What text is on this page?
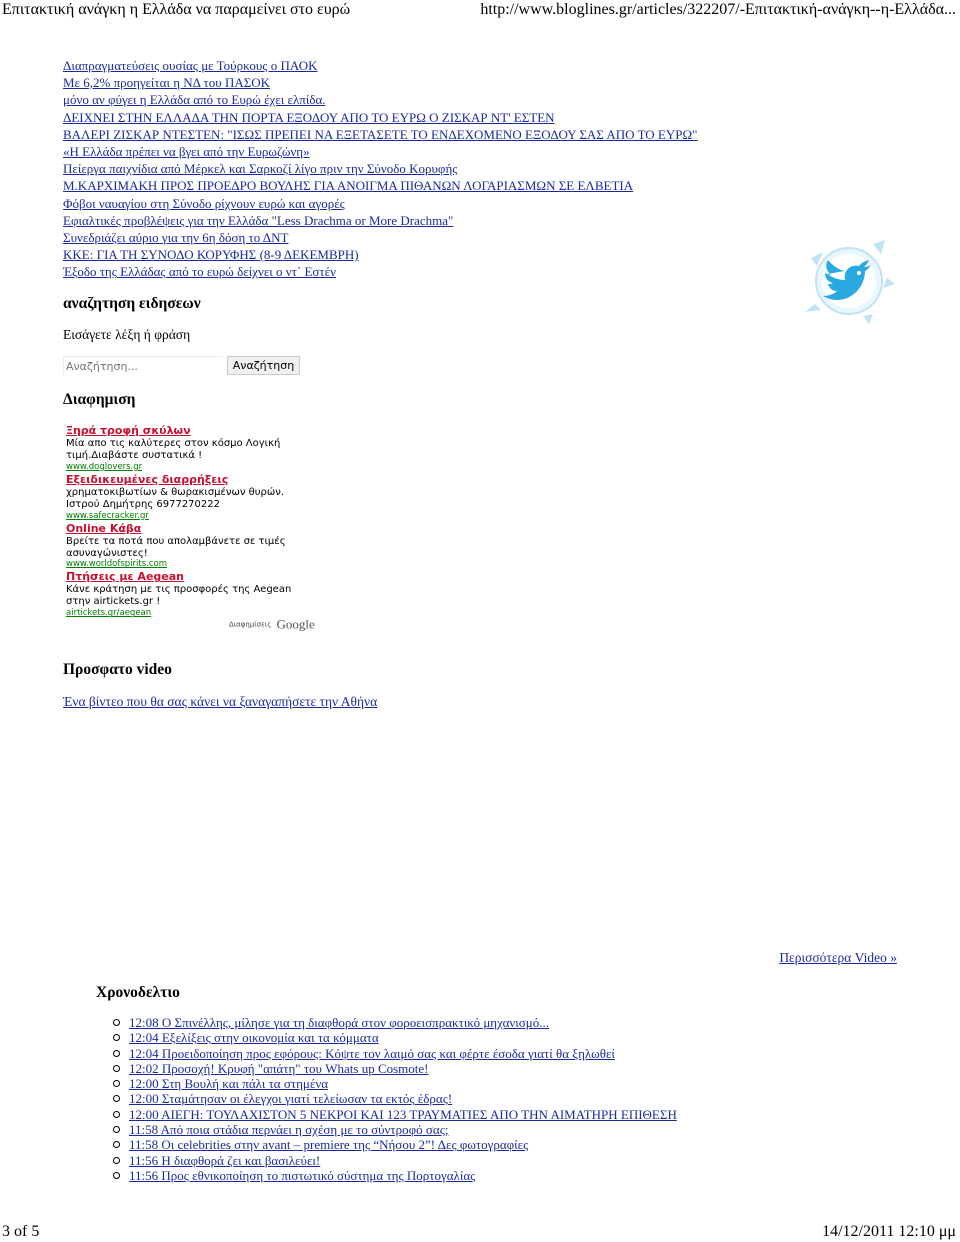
Επιτακτική ανάγκη η Ελλάδα να παραμείνει στο ευρώ	http://www.bloglines.gr/articles/322207/-Επιτακτική-ανάγκη--η-Ελλάδα...
Διαπραγματεύσεις ουσίας με Τούρκους ο ΠΑΟΚ
Με 6,2% προηγείται η ΝΔ του ΠΑΣΟΚ
μόνο αν φύγει η Ελλάδα από το Ευρώ έχει ελπίδα.
ΔΕΙΧΝΕΙ ΣΤΗΝ ΕΛΛΑΔΑ ΤΗΝ ΠΟΡΤΑ ΕΞΟΔΟΥ ΑΠΟ ΤΟ ΕΥΡΩ Ο ΖΙΣΚΑΡ ΝΤ' ΕΣΤΕΝ
ΒΑΛΕΡΙ ΖΙΣΚΑΡ ΝΤΕΣΤΕΝ: "ΙΣΩΣ ΠΡΕΠΕΙ ΝΑ ΕΞΕΤΑΣΕΤΕ ΤΟ ΕΝΔΕΧΟΜΕΝΟ ΕΞΟΔΟΥ ΣΑΣ ΑΠΟ ΤΟ ΕΥΡΩ"
«Η Ελλάδα πρέπει να βγει από την Ευρωζώνη»
Πείεργα παιχνίδια από Μέρκελ και Σαρκοζί λίγο πριν την Σύνοδο Κορυφής
Μ.ΚΑΡΧΙΜΑΚΗ ΠΡΟΣ ΠΡΟΕΔΡΟ ΒΟΥΛΗΣ ΓΙΑ ΑΝΟΙΓΜΑ ΠΙΘΑΝΩΝ ΛΟΓΑΡΙΑΣΜΩΝ ΣΕ ΕΛΒΕΤΙΑ
Φόβοι ναυαγίου στη Σύνοδο ρίχνουν ευρώ και αγορές
Εφιαλτικές προβλέψεις για την Ελλάδα "Less Drachma or More Drachma"
Συνεδριάζει αύριο για την 6η δόση το ΔΝΤ
ΚΚΕ: ΓΙΑ ΤΗ ΣΥΝΟΔΟ ΚΟΡΥΦΗΣ (8-9 ΔΕΚΕΜΒΡΗ)
Έξοδο της Ελλάδας από το ευρώ δείχνει ο ντ᾽ Εστέν
αναζητηση ειδησεων
Εισάγετε λέξη ή φράση
Αναζήτηση...
Αναζήτηση
Διαφημιση
Ξηρά τροφή σκύλων
Μία απο τις καλύτερες στον κόσμο Λογική τιμή.Διαβάστε συστατικά !
www.doglovers.gr
Εξειδικευμένες διαρρήξεις
χρηματοκιβωτίων & θωρακισμένων θυρών. Ιστρού Δημήτρης 6977270222
www.safecracker.gr
Online Κάβα
Βρείτε τα ποτά που απολαμβάνετε σε τιμές ασυναγώνιστες!
www.worldofspirits.com
Πτήσεις με Aegean
Κάνε κράτηση με τις προσφορές της Aegean στην airtickets.gr !
airtickets.gr/aegean
Διαφημίσεις Google
Προσφατο video
Ένα βίντεο που θα σας κάνει να ξαναγαπήσετε την Αθήνα
Περισσότερα Video »
Χρονοδελτιο
12:08 Ο Σπινέλλης, μίλησε για τη διαφθορά στον φοροεισπρακτικό μηχανισμό...
12:04 Εξελίξεις στην οικονομία και τα κόμματα
12:04 Προειδοποίηση προς εφόρους: Κόψτε τον λαιμό σας και φέρτε έσοδα γιατί θα ξηλωθεί
12:02 Προσοχή! Κρυφή "απάτη" του Whats up Cosmote!
12:00 Στη Βουλή και πάλι τα στημένα
12:00 Σταμάτησαν οι έλεγχοι γιατί τελείωσαν τα εκτός έδρας!
12:00 ΑΙΕΓΗ: ΤΟΥΛΑΧΙΣΤΟΝ 5 ΝΕΚΡΟΙ ΚΑΙ 123 ΤΡΑΥΜΑΤΙΕΣ ΑΠΟ ΤΗΝ ΑΙΜΑΤΗΡΗ ΕΠΙΘΕΣΗ
11:58 Από ποια στάδια περνάει η σχέση με το σύντροφό σας;
11:58 Οι celebrities στην avant – premiere της “Νήσου 2”! Δες φωτογραφίες
11:56 Η διαφθορά ζει και βασιλεύει!
11:56 Προς εθνικοποίηση το πιστωτικό σύστημα της Πορτογαλίας
3 of 5	14/12/2011 12:10 μμ
